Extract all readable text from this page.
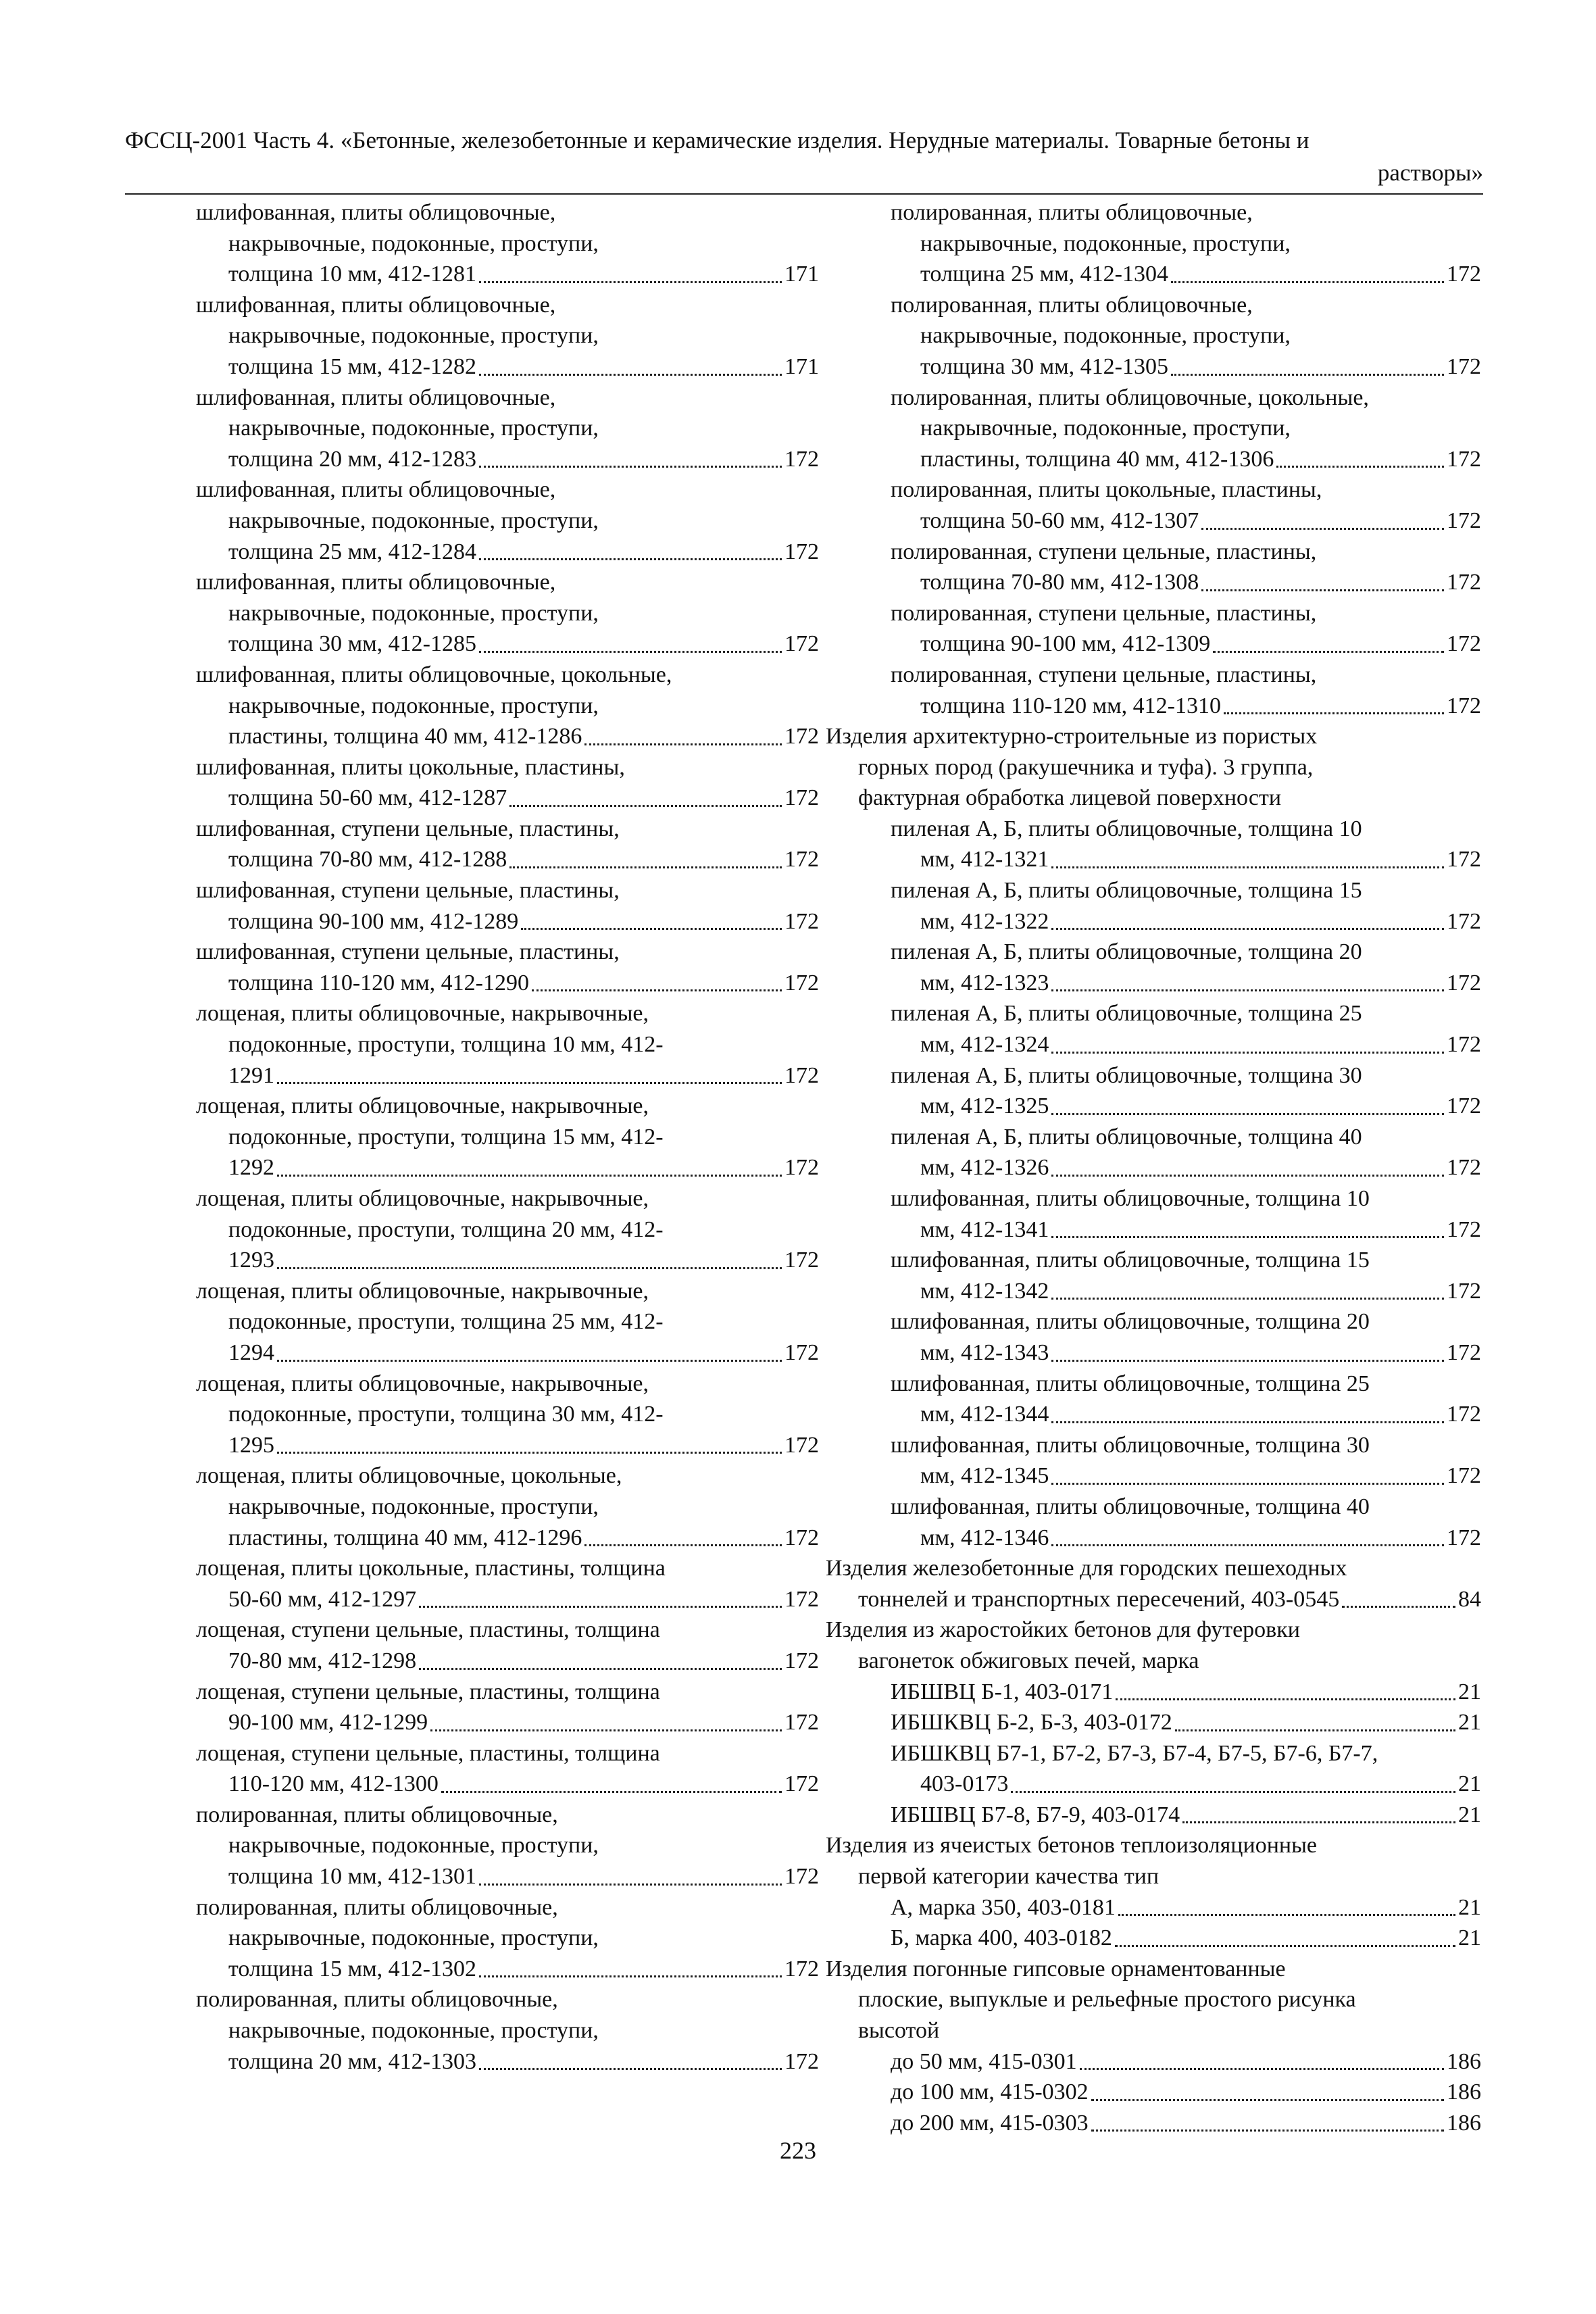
ФССЦ-2001 Часть 4. «Бетонные, железобетонные и керамические изделия. Нерудные материалы. Товарные бетоны и
растворы»
шлифованная, плиты облицовочные,
накрывочные, подоконные, проступи,
толщина 10 мм, 412-1281	171
шлифованная, плиты облицовочные,
накрывочные, подоконные, проступи,
толщина 15 мм, 412-1282	171
шлифованная, плиты облицовочные,
накрывочные, подоконные, проступи,
толщина 20 мм, 412-1283	172
шлифованная, плиты облицовочные,
накрывочные, подоконные, проступи,
толщина 25 мм, 412-1284	172
шлифованная, плиты облицовочные,
накрывочные, подоконные, проступи,
толщина 30 мм, 412-1285	172
шлифованная, плиты облицовочные, цокольные,
накрывочные, подоконные, проступи,
пластины, толщина 40 мм, 412-1286	172
шлифованная, плиты цокольные, пластины,
толщина 50-60 мм, 412-1287	172
шлифованная, ступени цельные, пластины,
толщина 70-80 мм, 412-1288	172
шлифованная, ступени цельные, пластины,
толщина 90-100 мм, 412-1289	172
шлифованная, ступени цельные, пластины,
толщина 110-120 мм, 412-1290	172
лощеная, плиты облицовочные, накрывочные,
подоконные, проступи, толщина 10 мм, 412-
1291	172
лощеная, плиты облицовочные, накрывочные,
подоконные, проступи, толщина 15 мм, 412-
1292	172
лощеная, плиты облицовочные, накрывочные,
подоконные, проступи, толщина 20 мм, 412-
1293	172
лощеная, плиты облицовочные, накрывочные,
подоконные, проступи, толщина 25 мм, 412-
1294	172
лощеная, плиты облицовочные, накрывочные,
подоконные, проступи, толщина 30 мм, 412-
1295	172
лощеная, плиты облицовочные, цокольные,
накрывочные, подоконные, проступи,
пластины, толщина 40 мм, 412-1296	172
лощеная, плиты цокольные, пластины, толщина
50-60 мм, 412-1297	172
лощеная, ступени цельные, пластины, толщина
70-80 мм, 412-1298	172
лощеная, ступени цельные, пластины, толщина
90-100 мм, 412-1299	172
лощеная, ступени цельные, пластины, толщина
110-120 мм, 412-1300	172
полированная, плиты облицовочные,
накрывочные, подоконные, проступи,
толщина 10 мм, 412-1301	172
полированная, плиты облицовочные,
накрывочные, подоконные, проступи,
толщина 15 мм, 412-1302	172
полированная, плиты облицовочные,
накрывочные, подоконные, проступи,
толщина 20 мм, 412-1303	172
полированная, плиты облицовочные,
накрывочные, подоконные, проступи,
толщина 25 мм, 412-1304	172
полированная, плиты облицовочные,
накрывочные, подоконные, проступи,
толщина 30 мм, 412-1305	172
полированная, плиты облицовочные, цокольные,
накрывочные, подоконные, проступи,
пластины, толщина 40 мм, 412-1306	172
полированная, плиты цокольные, пластины,
толщина 50-60 мм, 412-1307	172
полированная, ступени цельные, пластины,
толщина 70-80 мм, 412-1308	172
полированная, ступени цельные, пластины,
толщина 90-100 мм, 412-1309	172
полированная, ступени цельные, пластины,
толщина 110-120 мм, 412-1310	172
Изделия архитектурно-строительные из пористых
горных пород (ракушечника и туфа). 3 группа,
фактурная обработка лицевой поверхности
пиленая А, Б, плиты облицовочные, толщина 10
мм, 412-1321	172
пиленая А, Б, плиты облицовочные, толщина 15
мм, 412-1322	172
пиленая А, Б, плиты облицовочные, толщина 20
мм, 412-1323	172
пиленая А, Б, плиты облицовочные, толщина 25
мм, 412-1324	172
пиленая А, Б, плиты облицовочные, толщина 30
мм, 412-1325	172
пиленая А, Б, плиты облицовочные, толщина 40
мм, 412-1326	172
шлифованная, плиты облицовочные, толщина 10
мм, 412-1341	172
шлифованная, плиты облицовочные, толщина 15
мм, 412-1342	172
шлифованная, плиты облицовочные, толщина 20
мм, 412-1343	172
шлифованная, плиты облицовочные, толщина 25
мм, 412-1344	172
шлифованная, плиты облицовочные, толщина 30
мм, 412-1345	172
шлифованная, плиты облицовочные, толщина 40
мм, 412-1346	172
Изделия железобетонные для городских пешеходных
тоннелей и транспортных пересечений, 403-0545	84
Изделия из жаростойких бетонов для футеровки
вагонеток обжиговых печей, марка
ИБШВЦ Б-1, 403-0171	21
ИБШКВЦ Б-2, Б-3, 403-0172	21
ИБШКВЦ Б7-1, Б7-2, Б7-3, Б7-4, Б7-5, Б7-6, Б7-7,
403-0173	21
ИБШВЦ Б7-8, Б7-9, 403-0174	21
Изделия из ячеистых бетонов теплоизоляционные
первой категории качества тип
А, марка 350, 403-0181	21
Б, марка 400, 403-0182	21
Изделия погонные гипсовые орнаментованные
плоские, выпуклые и рельефные простого рисунка
высотой
до 50 мм, 415-0301	186
до 100 мм, 415-0302	186
до 200 мм, 415-0303	186
223
